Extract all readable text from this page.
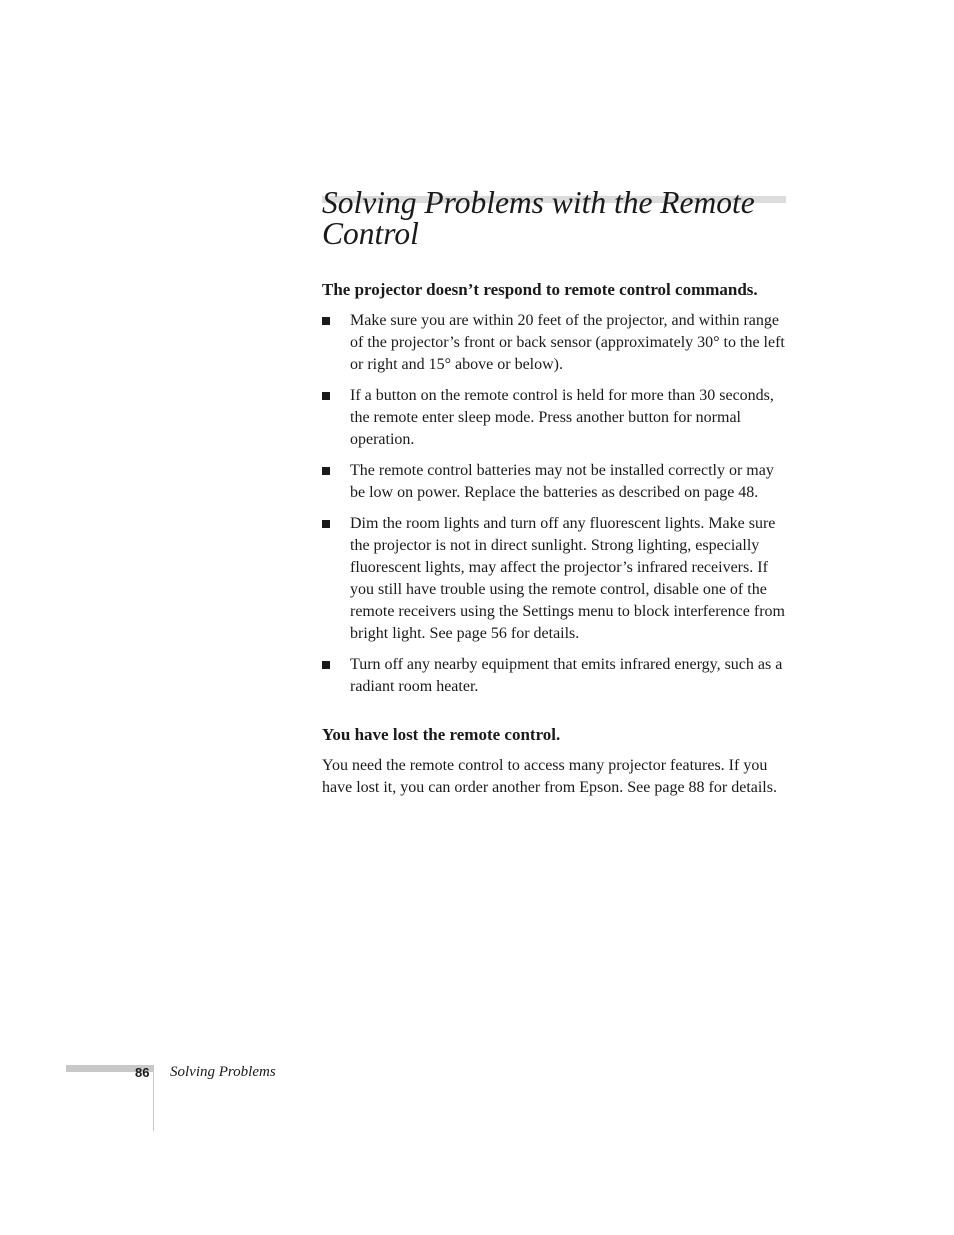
Solving Problems with the Remote Control
The projector doesn’t respond to remote control commands.
Make sure you are within 20 feet of the projector, and within range of the projector’s front or back sensor (approximately 30° to the left or right and 15° above or below).
If a button on the remote control is held for more than 30 seconds, the remote enter sleep mode. Press another button for normal operation.
The remote control batteries may not be installed correctly or may be low on power. Replace the batteries as described on page 48.
Dim the room lights and turn off any fluorescent lights. Make sure the projector is not in direct sunlight. Strong lighting, especially fluorescent lights, may affect the projector’s infrared receivers. If you still have trouble using the remote control, disable one of the remote receivers using the Settings menu to block interference from bright light. See page 56 for details.
Turn off any nearby equipment that emits infrared energy, such as a radiant room heater.
You have lost the remote control.

You need the remote control to access many projector features. If you have lost it, you can order another from Epson. See page 88 for details.

86 Solving Problems
